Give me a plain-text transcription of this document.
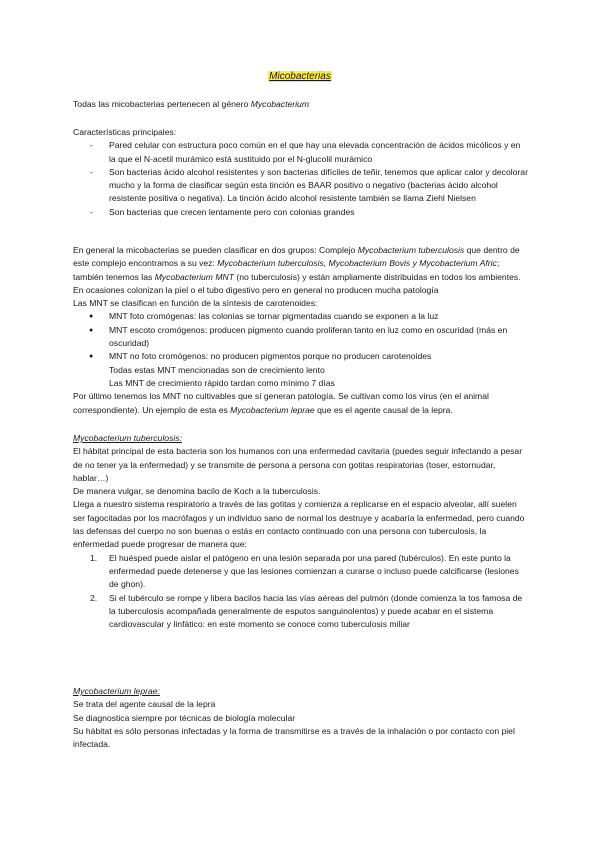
Micobacterias

Todas las micobacterias pertenecen al género Mycobacterium

Características principales:

- Pared celular con estructura poco común en el que hay una elevada concentración de ácidos micólicos y en la que el N-acetil murámico está sustituido por el N-glucolil murámico
- Son bacterias ácido alcohol resistentes y son bacterias difíciles de teñir, tenemos que aplicar calor y decolorar mucho y la forma de clasificar según esta tinción es BAAR positivo o negativo (bacterias ácido alcohol resistente positiva o negativa). La tinción ácido alcohol resistente también se llama Ziehl Nielsen
- Son bacterias que crecen lentamente pero con colonias grandes

En general la micobacterias se pueden clasificar en dos grupos: Complejo Mycobacterium tuberculosis que dentro de este complejo encontramos a su vez: Mycobacterium tuberculosis, Mycobacterium Bovis y Mycobacterium Afric; también tenemos las Mycobacterium MNT (no tuberculosis) y están ampliamente distribuidas en todos los ambientes. En ocasiones colonizan la piel o el tubo digestivo pero en general no producen mucha patología

Las MNT se clasifican en función de la síntesis de carotenoides:

● MNT foto cromógenas: las colonias se tornar pigmentadas cuando se exponen a la luz
● MNT escoto cromógenos: producen pigmento cuando proliferan tanto en luz como en oscuridad (más en oscuridad)
● MNT no foto cromógenos: no producen pigmentos porque no producen carotenoides

Todas estas MNT mencionadas son de crecimiento lento

Las MNT de crecimiento rápido tardan como mínimo 7 días

Por último tenemos los MNT no cultivables que sí generan patología. Se cultivan como los virus (en el animal correspondiente). Un ejemplo de esta es Mycobacterium leprae que es el agente causal de la lepra.

Mycobacterium tuberculosis:

El hábitat principal de esta bacteria son los humanos con una enfermedad cavitaria (puedes seguir infectando a pesar de no tener ya la enfermedad) y se transmite de persona a persona con gotitas respiratorias (toser, estornudar, hablar…)

De manera vulgar, se denomina bacilo de Koch a la tuberculosis.

Llega a nuestro sistema respiratorio a través de las gotitas y comienza a replicarse en el espacio alveolar, allí suelen ser fagocitadas por los macrófagos y un individuo sano de normal los destruye y acabaría la enfermedad, pero cuando las defensas del cuerpo no son buenas o estás en contacto continuado con una persona con tuberculosis, la enfermedad puede progresar de manera que:

1. El huésped puede aislar el patógeno en una lesión separada por una pared (tubérculos). En este punto la enfermedad puede detenerse y que las lesiones comienzan a curarse o incluso puede calcificarse (lesiones de ghon).
2. Si el tubérculo se rompe y libera bacilos hacia las vías aéreas del pulmón (donde comienza la tos famosa de la tuberculosis acompañada generalmente de esputos sanguinolentos) y puede acabar en el sistema cardiovascular y linfático: en este momento se conoce como tuberculosis miliar

Mycobacterium leprae:

Se trata del agente causal de la lepra

Se diagnostica siempre por técnicas de biología molecular

Su hábitat es sólo personas infectadas y la forma de transmitirse es a través de la inhalación o por contacto con piel infectada.
